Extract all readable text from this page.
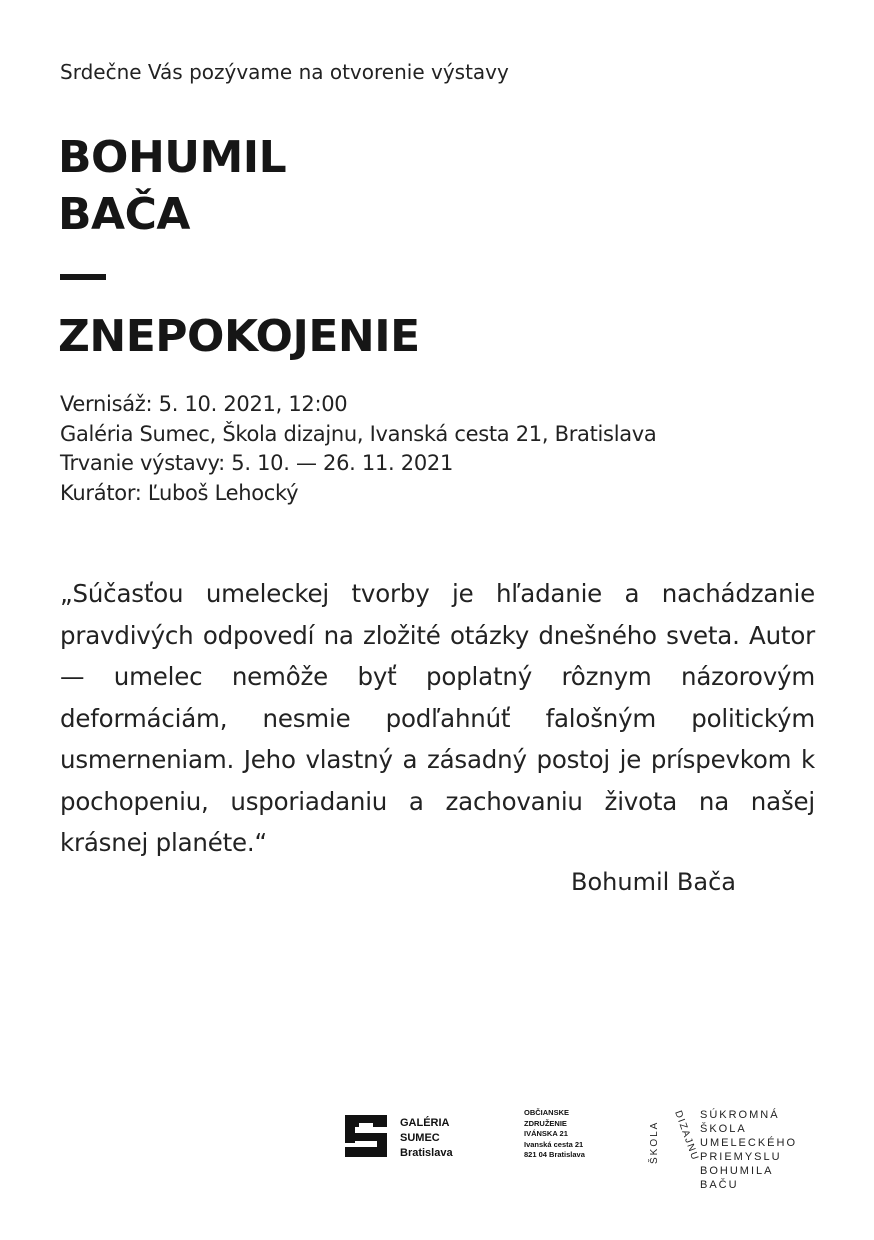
Srdečne Vás pozývame na otvorenie výstavy
BOHUMIL
BAČA
ZNEPOKOJENIE
Vernisáž: 5. 10. 2021, 12:00
Galéria Sumec, Škola dizajnu, Ivanská cesta 21, Bratislava
Trvanie výstavy: 5. 10. — 26. 11. 2021
Kurátor: Ľuboš Lehocký
„Súčasťou umeleckej tvorby je hľadanie a nachádzanie pravdivých odpovedí na zložité otázky dnešného sveta. Autor — umelec nemôže byť poplatný rôznym názorovým deformáciám, nesmie podľahnúť falošným politickým usmerneniam. Jeho vlastný a zásadný postoj je príspevkom k pochopeniu, usporiadaniu a zachovaniu života na našej krásnej planéte.“
Bohumil Bača
GALÉRIA
SUMEC
Bratislava
OBČIANSKE
ZDRUŽENIE
IVÁNSKA 21
Ivanská cesta 21
821 04 Bratislava	ŠKOLA DIZAJNU SÚKROMNÁ
ŠKOLA
UMELECKÉHO
PRIEMYSLU
BOHUMILA
BAČU
